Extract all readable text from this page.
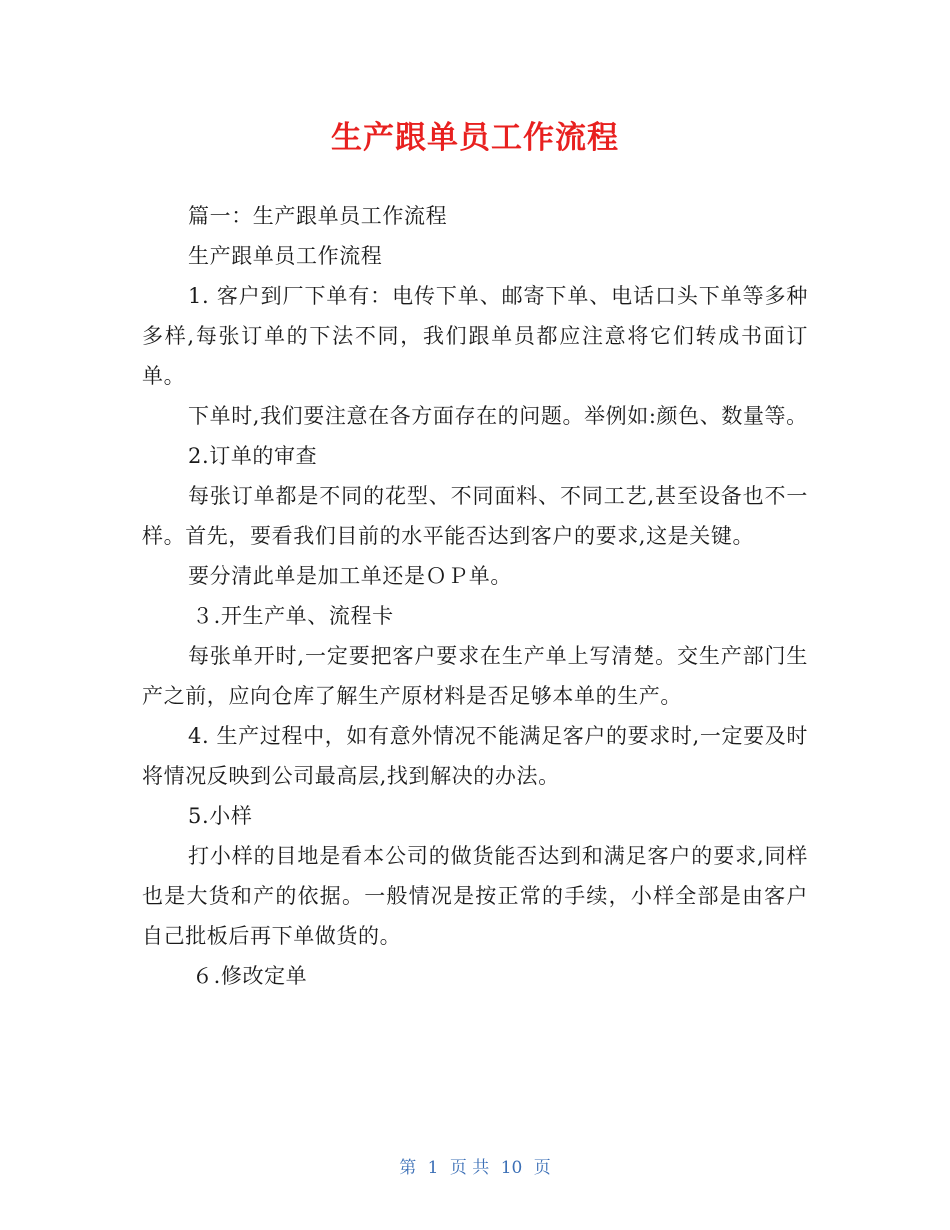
生产跟单员工作流程

篇一：生产跟单员工作流程

生产跟单员工作流程

1. 客户到厂下单有：电传下单、邮寄下单、电话口头下单等多种多样,每张订单的下法不同，我们跟单员都应注意将它们转成书面订单。

下单时,我们要注意在各方面存在的问题。举例如:颜色、数量等。

2.订单的审查

每张订单都是不同的花型、不同面料、不同工艺,甚至设备也不一样。首先，要看我们目前的水平能否达到客户的要求,这是关键。

要分清此单是加工单还是ＯＰ单。

３.开生产单、流程卡

每张单开时,一定要把客户要求在生产单上写清楚。交生产部门生产之前，应向仓库了解生产原材料是否足够本单的生产。

4. 生产过程中，如有意外情况不能满足客户的要求时,一定要及时将情况反映到公司最高层,找到解决的办法。

5.小样

打小样的目地是看本公司的做货能否达到和满足客户的要求,同样也是大货和产的依据。一般情况是按正常的手续，小样全部是由客户自己批板后再下单做货的。

６.修改定单

第 1 页 共 10 页
